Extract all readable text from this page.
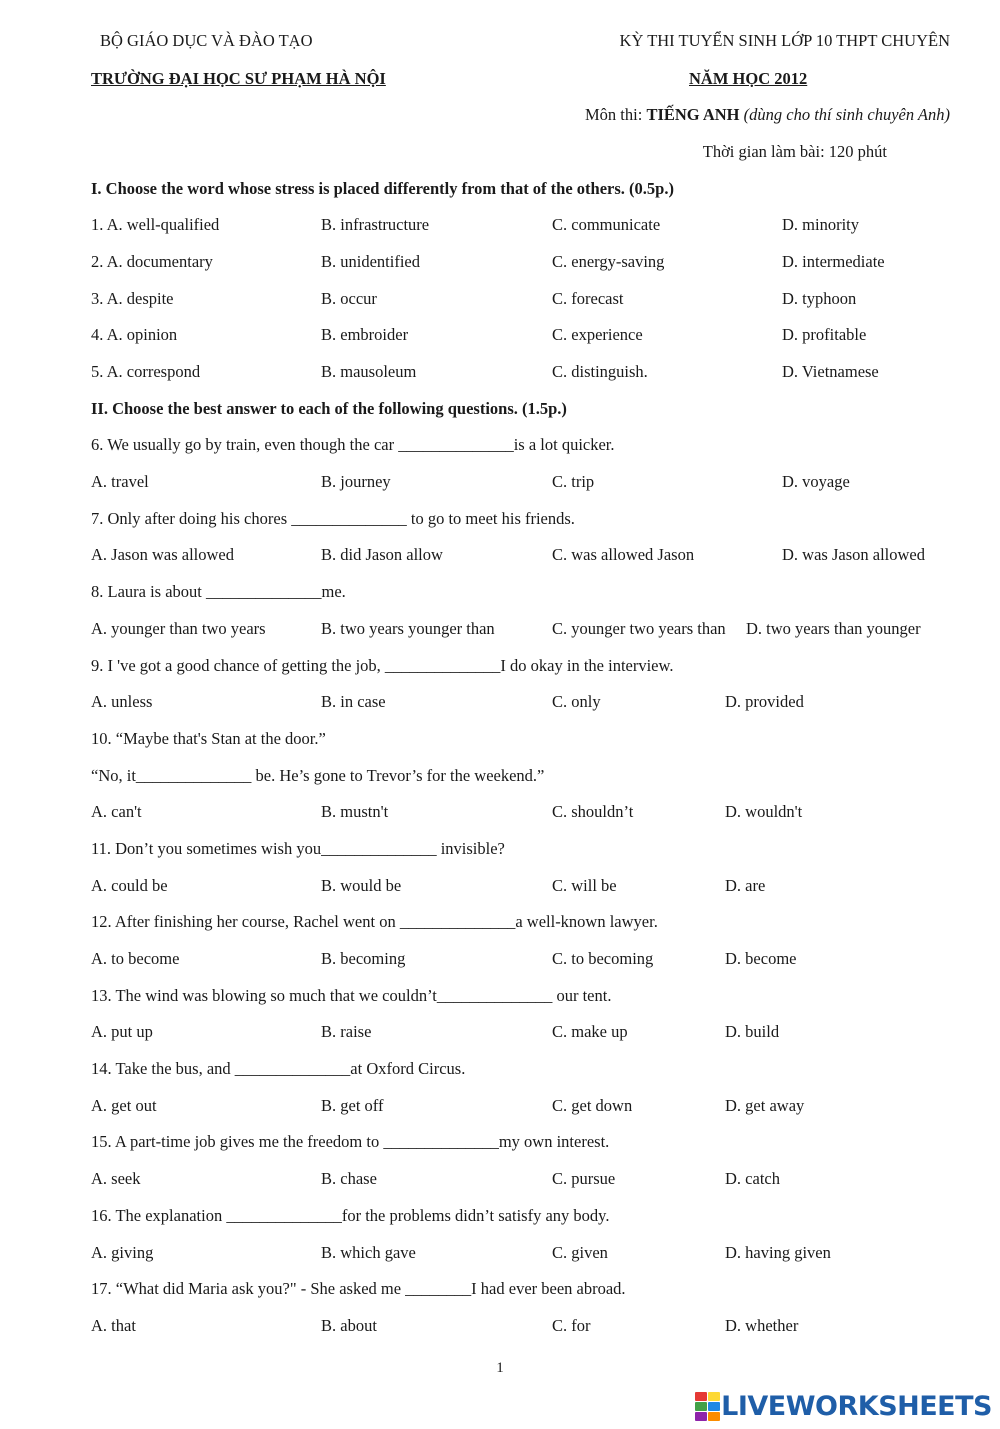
BỘ GIÁO DỤC VÀ ĐÀO TẠO	KỲ THI TUYỂN SINH LỚP 10 THPT CHUYÊN
TRƯỜNG ĐẠI HỌC SƯ PHẠM HÀ NỘI	NĂM HỌC 2012
Môn thi: TIẾNG ANH (dùng cho thí sinh chuyên Anh)
Thời gian làm bài: 120 phút
I. Choose the word whose stress is placed differently from that of the others. (0.5p.)
1. A. well-qualified	B. infrastructure	C. communicate	D. minority
2. A. documentary	B. unidentified	C. energy-saving	D. intermediate
3. A. despite	B. occur	C. forecast	D. typhoon
4. A. opinion	B. embroider	C. experience	D. profitable
5. A. correspond	B. mausoleum	C. distinguish.	D. Vietnamese
II. Choose the best answer to each of the following questions. (1.5p.)
6. We usually go by train, even though the car ______________is a lot quicker.
A. travel	B. journey	C. trip	D. voyage
7. Only after doing his chores ______________ to go to meet his friends.
A. Jason was allowed	B. did Jason allow	C. was allowed Jason	D. was Jason allowed
8. Laura is about ______________me.
A. younger than two years	B. two years younger than	C. younger two years than D. two years than younger
9. I 've got a good chance of getting the job, ______________I do okay in the interview.
A. unless	B. in case	C. only	D. provided
10. “Maybe that's Stan at the door.”
“No, it______________ be. He’s gone to Trevor’s for the weekend.”
A. can't	B. mustn't	C. shouldn’t	D. wouldn't
11. Don’t you sometimes wish you______________ invisible?
A. could be	B. would be	C. will be	D. are
12. After finishing her course, Rachel went on ______________a well-known lawyer.
A. to become	B. becoming	C. to becoming	D. become
13. The wind was blowing so much that we couldn’t______________ our tent.
A. put up	B. raise	C. make up	D. build
14. Take the bus, and ______________at Oxford Circus.
A. get out	B. get off	C. get down	D. get away
15. A part-time job gives me the freedom to ______________my own interest.
A. seek	B. chase	C. pursue	D. catch
16. The explanation ______________for the problems didn’t satisfy any body.
A. giving	B. which gave	C. given	D. having given
17. “What did Maria ask you?" - She asked me ________I had ever been abroad.
A. that	B. about	C. for	D. whether
1
LIVEWORKSHEETS
